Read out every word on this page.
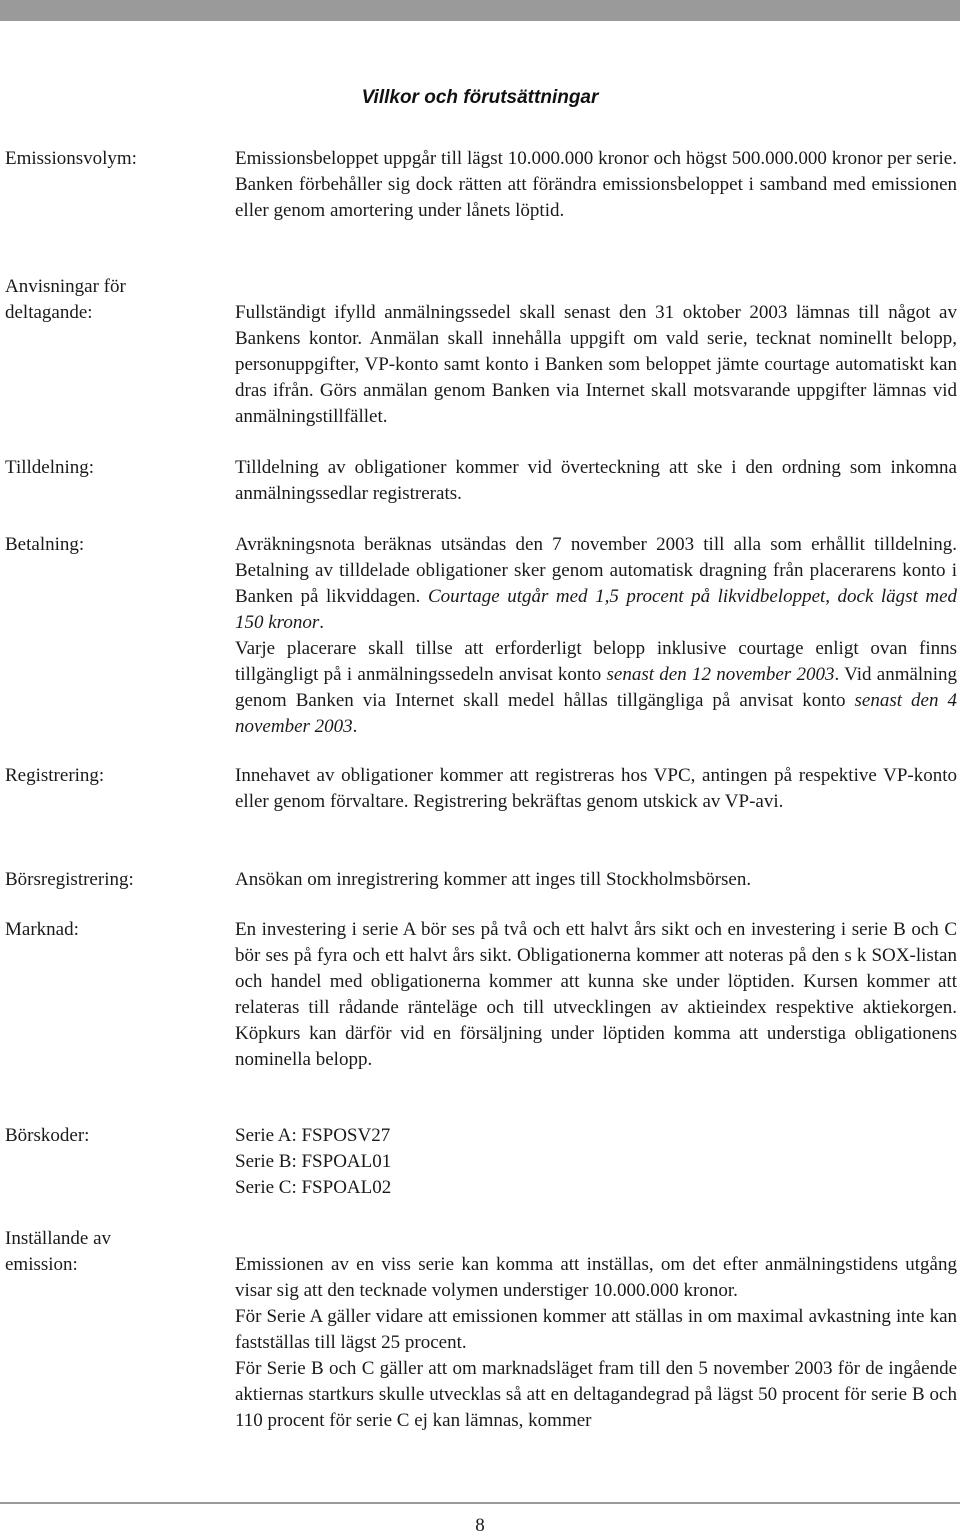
Villkor och förutsättningar
Emissionsvolym:	Emissionsbeloppet uppgår till lägst 10.000.000 kronor och högst 500.000.000 kronor per serie. Banken förbehåller sig dock rätten att förändra emissionsbeloppet i samband med emissionen eller genom amortering under lånets löptid.

Anvisningar för
deltagande:	Fullständigt ifylld anmälningssedel skall senast den 31 oktober 2003 lämnas till något av Bankens kontor. Anmälan skall innehålla uppgift om vald serie, tecknat nominellt belopp, personuppgifter, VP-konto samt konto i Banken som beloppet jämte courtage automatiskt kan dras ifrån. Görs anmälan genom Banken via Internet skall motsvarande uppgifter lämnas vid anmälningstillfället.

Tilldelning:	Tilldelning av obligationer kommer vid överteckning att ske i den ordning som inkomna anmälningssedlar registrerats.

Betalning:	Avräkningsnota beräknas utsändas den 7 november 2003 till alla som erhållit tilldelning. Betalning av tilldelade obligationer sker genom automatisk dragning från placerarens konto i Banken på likviddagen. Courtage utgår med 1,5 procent på likvidbeloppet, dock lägst med 150 kronor.

Varje placerare skall tillse att erforderligt belopp inklusive courtage enligt ovan finns tillgängligt på i anmälningssedeln anvisat konto senast den 12 november 2003. Vid anmälning genom Banken via Internet skall medel hållas tillgängliga på anvisat konto senast den 4 november 2003.

Registrering:	Innehavet av obligationer kommer att registreras hos VPC, antingen på respektive VP-konto eller genom förvaltare. Registrering bekräftas genom utskick av VP-avi.

Börsregistrering:	Ansökan om inregistrering kommer att inges till Stockholmsbörsen.

Marknad:	En investering i serie A bör ses på två och ett halvt års sikt och en investering i serie B och C bör ses på fyra och ett halvt års sikt. Obligationerna kommer att noteras på den s k SOX-listan och handel med obligationerna kommer att kunna ske under löptiden. Kursen kommer att relateras till rådande ränteläge och till utvecklingen av aktieindex respektive aktiekorgen. Köpkurs kan därför vid en försäljning under löptiden komma att understiga obligationens nominella belopp.

Börskoder:	Serie A: FSPOSV27
Serie B: FSPOAL01
Serie C: FSPOAL02
Inställande av
emission:	Emissionen av en viss serie kan komma att inställas, om det efter anmälningstidens utgång visar sig att den tecknade volymen understiger 10.000.000 kronor.

För Serie A gäller vidare att emissionen kommer att ställas in om maximal avkastning inte kan fastställas till lägst 25 procent.

För Serie B och C gäller att om marknadsläget fram till den 5 november 2003 för de ingående aktiernas startkurs skulle utvecklas så att en deltagandegrad på lägst 50 procent för serie B och 110 procent för serie C ej kan lämnas, kommer

8
